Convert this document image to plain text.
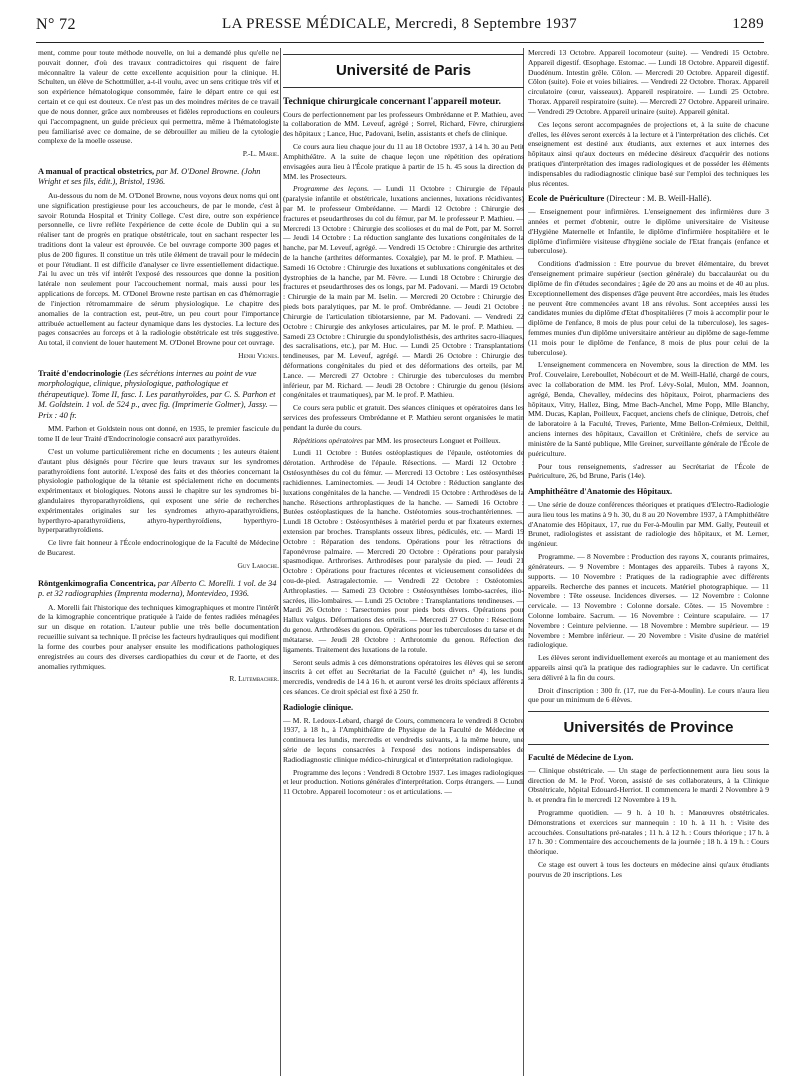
N° 72	LA PRESSE MÉDICALE, Mercredi, 8 Septembre 1937	1289

ment, comme pour toute méthode nouvelle, on lui a demandé plus qu'elle ne pouvait donner, d'où des travaux contradictoires qui risquent de faire méconnaître la valeur de cette excellente acquisition pour la clinique. H. Schulten, un élève de Schottmüller, a-t-il voulu, avec un sens critique très vif et son expérience hématologique consommée, faire le départ entre ce qui est certain et ce qui est douteux. Ce n'est pas un des moindres mérites de ce travail que de nous donner, grâce aux nombreuses et fidèles reproductions en couleurs qui l'accompagnent, un guide précieux qui permettra, même à l'hématologiste peu familiarisé avec ce domaine, de se débrouiller au milieu de la cytologie complexe de la moelle osseuse.

P.-L. Marie.

A manual of practical obstetrics, par M. O'Donel Browne. (John Wright et ses fils, édit.), Bristol, 1936.

Au-dessous du nom de M. O'Donel Browne, nous voyons deux noms qui ont une signification prestigieuse pour les accoucheurs, de par le monde, c'est à savoir Rotunda Hospital et Trinity College. C'est dire, outre son expérience personnelle, ce livre reflète l'expérience de cette école de Dublin qui a su réaliser tant de progrès en pratique obstétricale, tout en sachant respecter les traditions dont la valeur est éprouvée. Ce bel ouvrage comporte 300 pages et plus de 200 figures. Il constitue un très utile élément de travail pour le médecin et pour l'étudiant. Il est difficile d'analyser ce livre essentiellement didactique. J'ai lu avec un très vif intérêt l'exposé des ressources que donne la position latérale non seulement pour l'accouchement normal, mais aussi pour les applications de forceps. M. O'Donel Browne reste partisan en cas d'hémorragie de l'injection rétromammaire de sérum physiologique. Le chapitre des anomalies de la contraction est, peut-être, un peu court pour l'importance attribuée actuellement au facteur dynamique dans les dystocies. La lecture des pages consacrées au forceps et à la radiologie obstétricale est très suggestive. Au total, il convient de louer hautement M. O'Donel Browne pour cet ouvrage.

Henri Vignes.

Traité d'endocrinologie (Les sécrétions internes au point de vue morphologique, clinique, physiologique, pathologique et thérapeutique). Tome II, fasc. I. Les parathyroïdes, par C. S. Parhon et M. Goldstein. 1 vol. de 524 p., avec fig. (Imprimerie Goltner), Jassy. — Prix : 40 fr.

MM. Parhon et Goldstein nous ont donné, en 1935, le premier fascicule du tome II de leur Traité d'Endocrinologie consacré aux parathyroïdes.

C'est un volume particulièrement riche en documents ; les auteurs étaient d'autant plus désignés pour l'écrire que leurs travaux sur les syndromes parathyroïdiens font autorité. L'exposé des faits et des théories concernant la physiologie pathologique de la tétanie est spécialement riche en documents expérimentaux et biologiques. Notons aussi le chapitre sur les syndromes bi-glandulaires thyroparathyroïdiens, qui exposent une série de recherches expérimentales originales sur les syndromes athyro-aparathyroïdiens, hyperthyro-aparathyroïdiens, athyro-hyperthyroïdiens, hyperthyro-hyperparathyroïdiens.

Ce livre fait honneur à l'École endocrinologique de la Faculté de Médecine de Bucarest.

Guy Laroche.

Röntgenkimografia Concentrica, par Alberto C. Morelli. 1 vol. de 34 p. et 32 radiographies (Imprenta moderna), Montevideo, 1936.

A. Morelli fait l'historique des techniques kimographiques et montre l'intérêt de la kimographie concentrique pratiquée à l'aide de fentes radiées ménagées sur un disque en rotation. L'auteur publie une très belle documentation recueillie suivant sa technique. Il précise les facteurs hydrauliques qui modifient la forme des courbes pour analyser ensuite les modifications pathologiques enregistrées au cours des diverses cardiopathies du cœur et de l'aorte, et des anomalies rythmiques.

R. Lutembacher.

Université de Paris
Technique chirurgicale concernant l'appareil moteur.

Cours de perfectionnement par les professeurs Ombrédanne et P. Mathieu, avec la collaboration de MM. Leveuf, agrégé ; Sorrel, Richard, Fèvre, chirurgiens des hôpitaux ; Lance, Huc, Padovani, Iselin, assistants et chefs de clinique.

Ce cours aura lieu chaque jour du 11 au 18 Octobre 1937, à 14 h. 30 au Petit Amphithéâtre. A la suite de chaque leçon une répétition des opérations envisagées aura lieu à l'École pratique à partir de 15 h. 45 sous la direction de MM. les Prosecteurs.

Programme des leçons. — Lundi 11 Octobre : Chirurgie de l'épaule (paralysie infantile et obstétricale, luxations anciennes, luxations récidivantes) par M. le professeur Ombrédanne. — Mardi 12 Octobre : Chirurgie des fractures et pseudarthroses du col du fémur, par M. le professeur P. Mathieu. — Mercredi 13 Octobre : Chirurgie des scolioses et du mal de Pott, par M. Sorrel. — Jeudi 14 Octobre : La réduction sanglante des luxations congénitales de la hanche, par M. Leveuf, agrégé. — Vendredi 15 Octobre : Chirurgie des arthrites de la hanche (arthrites déformantes. Coxalgie), par M. le prof. P. Mathieu. — Samedi 16 Octobre : Chirurgie des luxations et subluxations congénitales et des dystrophies de la hanche, par M. Fèvre. — Lundi 18 Octobre : Chirurgie des fractures et pseudarthroses des os longs, par M. Padovani. — Mardi 19 Octobre : Chirurgie de la main par M. Iselin. — Mercredi 20 Octobre : Chirurgie des pieds bots paralytiques, par M. le prof. Ombrédanne. — Jeudi 21 Octobre : Chirurgie de l'articulation tibiotarsienne, par M. Padovani. — Vendredi 22 Octobre : Chirurgie des ankyloses articulaires, par M. le prof. P. Mathieu. — Samedi 23 Octobre : Chirurgie du spondylolisthésis, des arthrites sacro-iliaques, des sacralisations, etc.), par M. Huc. — Lundi 25 Octobre : Transplantations tendineuses, par M. Leveuf, agrégé. — Mardi 26 Octobre : Chirurgie des déformations congénitales du pied et des déformations des orteils, par M. Lance. — Mercredi 27 Octobre : Chirurgie des tuberculoses du membre inférieur, par M. Richard. — Jeudi 28 Octobre : Chirurgie du genou (lésions congénitales et traumatiques), par M. le prof. P. Mathieu.

Ce cours sera public et gratuit. Des séances cliniques et opératoires dans les services des professeurs Ombrédanne et P. Mathieu seront organisées le matin pendant la durée du cours.

Répétitions opératoires par MM. les prosecteurs Longuet et Poilleux.

Lundi 11 Octobre : Butées ostéoplastiques de l'épaule, ostéotomies de dérotation. Arthrodèse de l'épaule. Résections. — Mardi 12 Octobre : Ostéosynthèses du col du fémur. — Mercredi 13 Octobre : Les ostéosynthèses rachidiennes. Laminectomies. — Jeudi 14 Octobre : Réduction sanglante des luxations congénitales de la hanche. — Vendredi 15 Octobre : Arthrodèses de la hanche. Résections arthroplastiques de la hanche. — Samedi 16 Octobre : Butées ostéoplastiques de la hanche. Ostéotomies sous-trochantériennes. — Lundi 18 Octobre : Ostéosynthèses à matériel perdu et par fixateurs externes, extension par broches. Transplants osseux libres, pédiculés, etc. — Mardi 19 Octobre : Réparation des tendons. Opérations pour les rétractions de l'aponévrose palmaire. — Mercredi 20 Octobre : Opérations pour paralysie spasmodique. Arthrorises. Arthrodèses pour paralysie du pied. — Jeudi 21 Octobre : Opérations pour fractures récentes et vicieusement consolidées du cou-de-pied. Astragalectomie. — Vendredi 22 Octobre : Ostéotomies. Arthroplasties. — Samedi 23 Octobre : Ostéosynthèses lombo-sacrées, ilio-sacrées, ilio-lombaires. — Lundi 25 Octobre : Transplantations tendineuses. — Mardi 26 Octobre : Tarsectomies pour pieds bots divers. Opérations pour Hallux valgus. Déformations des orteils. — Mercredi 27 Octobre : Résections du genou. Arthrodèses du genou. Opérations pour les tuberculoses du tarse et du métatarse. — Jeudi 28 Octobre : Arthrotomie du genou. Réfection des ligaments. Traitement des luxations de la rotule.

Seront seuls admis à ces démonstrations opératoires les élèves qui se seront inscrits à cet effet au Secrétariat de la Faculté (guichet n° 4), les lundis, mercredis, vendredis de 14 à 16 h. et auront versé les droits spéciaux afférents à ces séances. Ce droit spécial est fixé à 250 fr.

Radiologie clinique.

— M. R. Ledoux-Lebard, chargé de Cours, commencera le vendredi 8 Octobre 1937, à 18 h., à l'Amphithéâtre de Physique de la Faculté de Médecine et continuera les lundis, mercredis et vendredis suivants, à la même heure, une série de leçons consacrées à l'exposé des notions indispensables de Radiodiagnostic clinique médico-chirurgical et d'interprétation radiologique.

Programme des leçons : Vendredi 8 Octobre 1937. Les images radiologiques et leur production. Notions générales d'interprétation. Corps étrangers. — Lundi 11 Octobre. Appareil locomoteur : os et articulations. —

Mercredi 13 Octobre. Appareil locomoteur (suite). — Vendredi 15 Octobre. Appareil digestif. Œsophage. Estomac. — Lundi 18 Octobre. Appareil digestif. Duodénum. Intestin grêle. Côlon. — Mercredi 20 Octobre. Appareil digestif. Côlon (suite). Foie et voies biliaires. — Vendredi 22 Octobre. Thorax. Appareil circulatoire (cœur, vaisseaux). Appareil respiratoire. — Lundi 25 Octobre. Thorax. Appareil respiratoire (suite). — Mercredi 27 Octobre. Appareil urinaire. — Vendredi 29 Octobre. Appareil urinaire (suite). Appareil génital.

Ces leçons seront accompagnées de projections et, à la suite de chacune d'elles, les élèves seront exercés à la lecture et à l'interprétation des clichés. Cet enseignement est destiné aux étudiants, aux externes et aux internes des hôpitaux ainsi qu'aux docteurs en médecine désireux d'acquérir des notions pratiques d'interprétation des images radiologiques et de posséder les éléments indispensables du radiodiagnostic clinique basé sur l'emploi des techniques les plus récentes.

Ecole de Puériculture (Directeur : M. B. Weill-Hallé).

— Enseignement pour infirmières. L'enseignement des infirmières dure 3 années et permet d'obtenir, outre le diplôme universitaire de Visiteuse d'Hygiène Maternelle et Infantile, le diplôme d'infirmière hospitalière et le diplôme d'infirmière visiteuse d'hygiène sociale de l'Etat français (enfance et tuberculose).

Conditions d'admission : Etre pourvue du brevet élémentaire, du brevet d'enseignement primaire supérieur (section générale) du baccalauréat ou du diplôme de fin d'études secondaires ; âgée de 20 ans au moins et de 40 au plus. Exceptionnellement des dispenses d'âge peuvent être accordées, mais les études ne peuvent être commencées avant 18 ans révolus. Sont acceptées aussi les candidates munies du diplôme d'Etat d'hospitalières (7 mois à accomplir pour le diplôme de l'enfance, 8 mois de plus pour celui de la tuberculose), les sages-femmes munies d'un diplôme universitaire antérieur au diplôme de sage-femme (11 mois pour le diplôme de l'enfance, 8 mois de plus pour celui de la tuberculose).

L'enseignement commencera en Novembre, sous la direction de MM. les Prof. Couvelaire, Lereboullet, Nobécourt et de M. Weill-Hallé, chargé de cours, avec la collaboration de MM. les Prof. Lévy-Solal, Mulon, MM. Joannon, agrégé, Benda, Chevalley, médecins des hôpitaux, Poirot, pharmaciens des hôpitaux, Vitry, Hallez, Bing, Mme Bach-Anchel, Mme Popp, Mlle Blanchy, MM. Ducas, Kaplan, Poilleux, Facquet, anciens chefs de clinique, Detrois, chef de laboratoire à la Faculté, Treves, Pariente, Mme Bellon-Crémieux, Delthil, anciens internes des hôpitaux, Cavaillon et Crétinière, chefs de service au ministère de la Santé publique, Mlle Greiner, surveillante générale de l'École de puériculture.

Pour tous renseignements, s'adresser au Secrétariat de l'École de Puériculture, 26, bd Brune, Paris (14e).

Amphithéâtre d'Anatomie des Hôpitaux.

— Une série de douze conférences théoriques et pratiques d'Electro-Radiologie aura lieu tous les matins à 9 h. 30, du 8 au 20 Novembre 1937, à l'Amphithéâtre d'Anatomie des Hôpitaux, 17, rue du Fer-à-Moulin par MM. Gally, Peuteuil et Brunet, radiologistes et assistant de radiologie des hôpitaux, et M. Lerner, ingénieur.

Programme. — 8 Novembre : Production des rayons X, courants primaires, générateurs. — 9 Novembre : Montages des appareils. Tubes à rayons X, supports. — 10 Novembre : Pratiques de la radiographie avec différents appareils. Recherche des pannes et incucets. Matériel photographique. — 11 Novembre : Tête osseuse. Incidences diverses. — 12 Novembre : Colonne cervicale. — 13 Novembre : Colonne dorsale. Côtes. — 15 Novembre : Colonne lombaire. Sacrum. — 16 Novembre : Ceinture scapulaire. — 17 Novembre : Ceinture pelvienne. — 18 Novembre : Membre supérieur. — 19 Novembre : Membre inférieur. — 20 Novembre : Visite d'usine de matériel radiologique.

Les élèves seront individuellement exercés au montage et au maniement des appareils ainsi qu'à la pratique des radiographies sur le cadavre. Un certificat sera délivré à la fin du cours.

Droit d'inscription : 300 fr. (17, rue du Fer-à-Moulin). Le cours n'aura lieu que pour un minimum de 6 élèves.

Universités de Province
Faculté de Médecine de Lyon.

— Clinique obstétricale. — Un stage de perfectionnement aura lieu sous la direction de M. le Prof. Voron, assisté de ses collaborateurs, à la Clinique Obstétricale, hôpital Edouard-Herriot. Il commencera le mardi 2 Novembre à 9 h. et prendra fin le mercredi 12 Novembre à 19 h.

Programme quotidien. — 9 h. à 10 h. : Manœuvres obstétricales. Démonstrations et exercices sur mannequin : 10 h. à 11 h. : Visite des accouchées. Consultations pré-natales ; 11 h. à 12 h. : Cours théorique ; 17 h. à 17 h. 30 : Commentaire des accouchements de la journée ; 18 h. à 19 h. : Cours théorique.

Ce stage est ouvert à tous les docteurs en médecine ainsi qu'aux étudiants pourvus de 20 inscriptions. Les
